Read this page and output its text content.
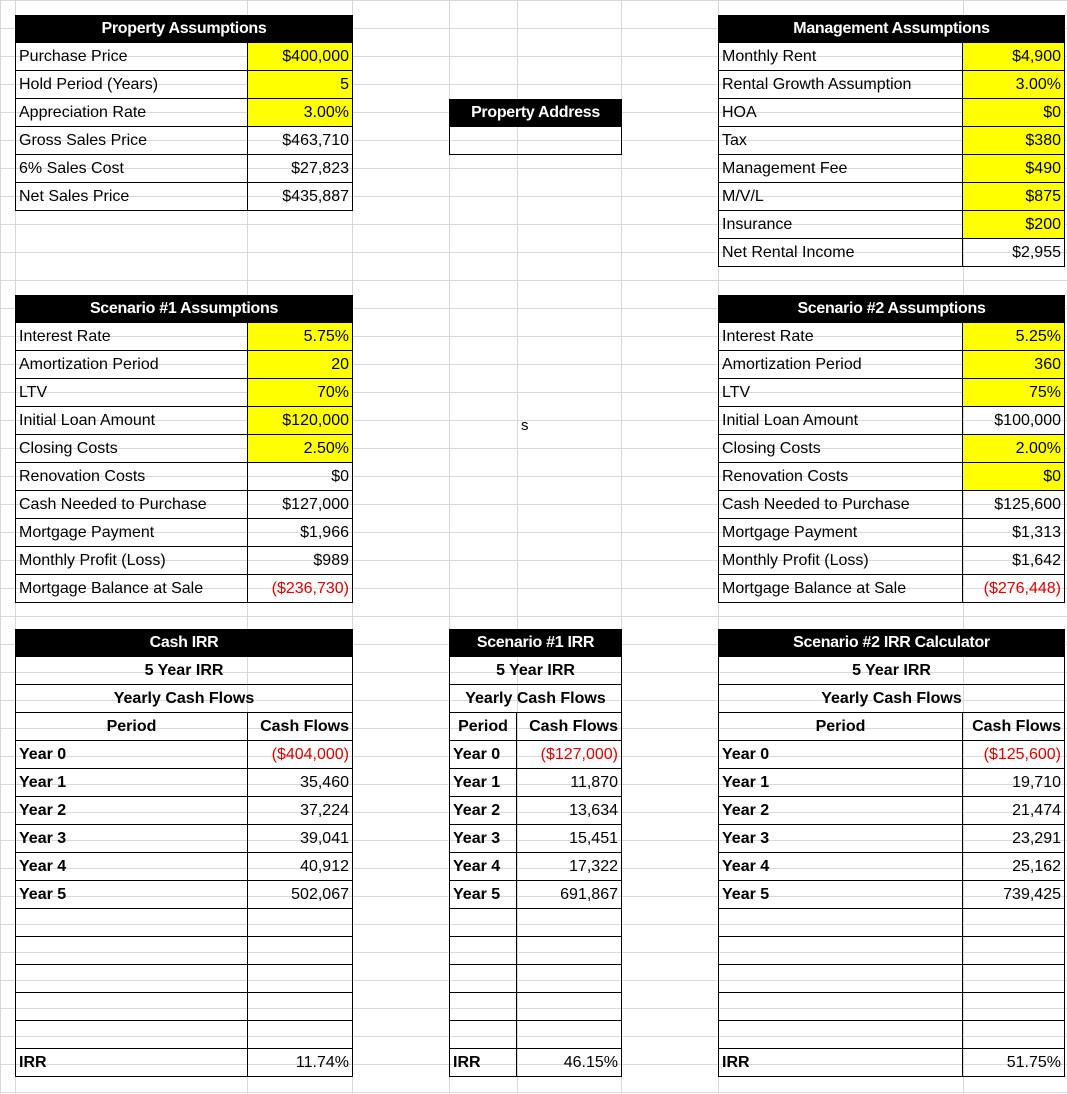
Property Assumptions
Purchase Price	$400,000
Hold Period (Years)	5
Appreciation Rate	3.00%
Gross Sales Price	$463,710
6% Sales Cost	$27,823
Net Sales Price	$435,887
Property Address
Management Assumptions
Monthly Rent	$4,900
Rental Growth Assumption	3.00%
HOA	$0
Tax	$380
Management Fee	$490
M/V/L	$875
Insurance	$200
Net Rental Income	$2,955
s
Scenario #1 Assumptions
Interest Rate	5.75%
Amortization Period	20
LTV	70%
Initial Loan Amount	$120,000
Closing Costs	2.50%
Renovation Costs	$0
Cash Needed to Purchase	$127,000
Mortgage Payment	$1,966
Monthly Profit (Loss)	$989
Mortgage Balance at Sale	($236,730)
Scenario #2 Assumptions
Interest Rate	5.25%
Amortization Period	360
LTV	75%
Initial Loan Amount	$100,000
Closing Costs	2.00%
Renovation Costs	$0
Cash Needed to Purchase	$125,600
Mortgage Payment	$1,313
Monthly Profit (Loss)	$1,642
Mortgage Balance at Sale	($276,448)
Cash IRR
5 Year IRR
Yearly Cash Flows
Period	Cash Flows
Year 0	($404,000)
Year 1	35,460
Year 2	37,224
Year 3	39,041
Year 4	40,912
Year 5	502,067
IRR	11.74%
Scenario #1 IRR
5 Year IRR
Yearly Cash Flows
Period	Cash Flows
Year 0	($127,000)
Year 1	11,870
Year 2	13,634
Year 3	15,451
Year 4	17,322
Year 5	691,867
IRR	46.15%
Scenario #2 IRR Calculator
5 Year IRR
Yearly Cash Flows
Period	Cash Flows
Year 0	($125,600)
Year 1	19,710
Year 2	21,474
Year 3	23,291
Year 4	25,162
Year 5	739,425
IRR	51.75%
